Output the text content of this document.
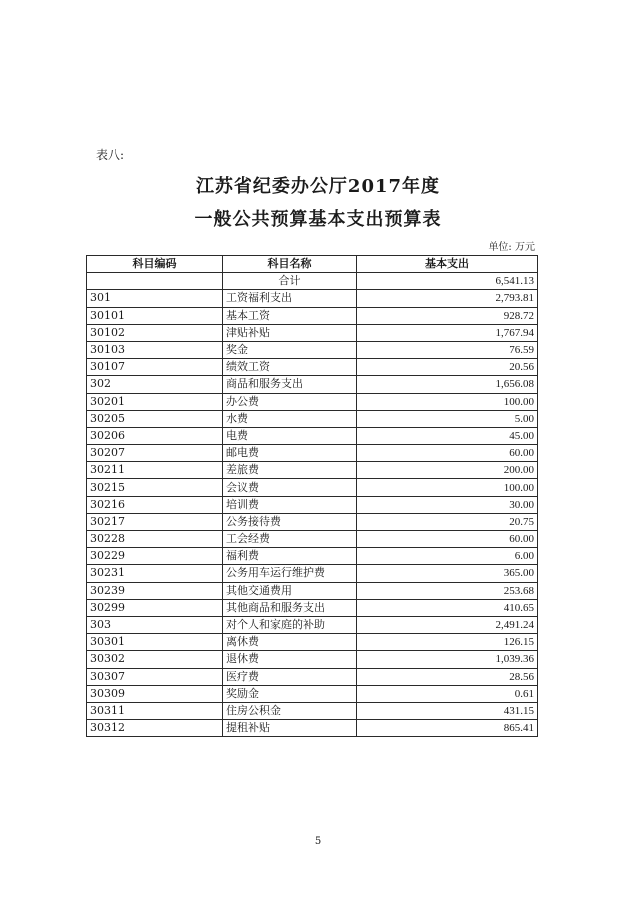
表八:
江苏省纪委办公厅2017年度
一般公共预算基本支出预算表
单位: 万元
科目编码	科目名称	基本支出
	合计	6,541.13
301	工资福利支出	2,793.81
30101	基本工资	928.72
30102	津贴补贴	1,767.94
30103	奖金	76.59
30107	绩效工资	20.56
302	商品和服务支出	1,656.08
30201	办公费	100.00
30205	水费	5.00
30206	电费	45.00
30207	邮电费	60.00
30211	差旅费	200.00
30215	会议费	100.00
30216	培训费	30.00
30217	公务接待费	20.75
30228	工会经费	60.00
30229	福利费	6.00
30231	公务用车运行维护费	365.00
30239	其他交通费用	253.68
30299	其他商品和服务支出	410.65
303	对个人和家庭的补助	2,491.24
30301	离休费	126.15
30302	退休费	1,039.36
30307	医疗费	28.56
30309	奖励金	0.61
30311	住房公积金	431.15
30312	提租补贴	865.41
5
